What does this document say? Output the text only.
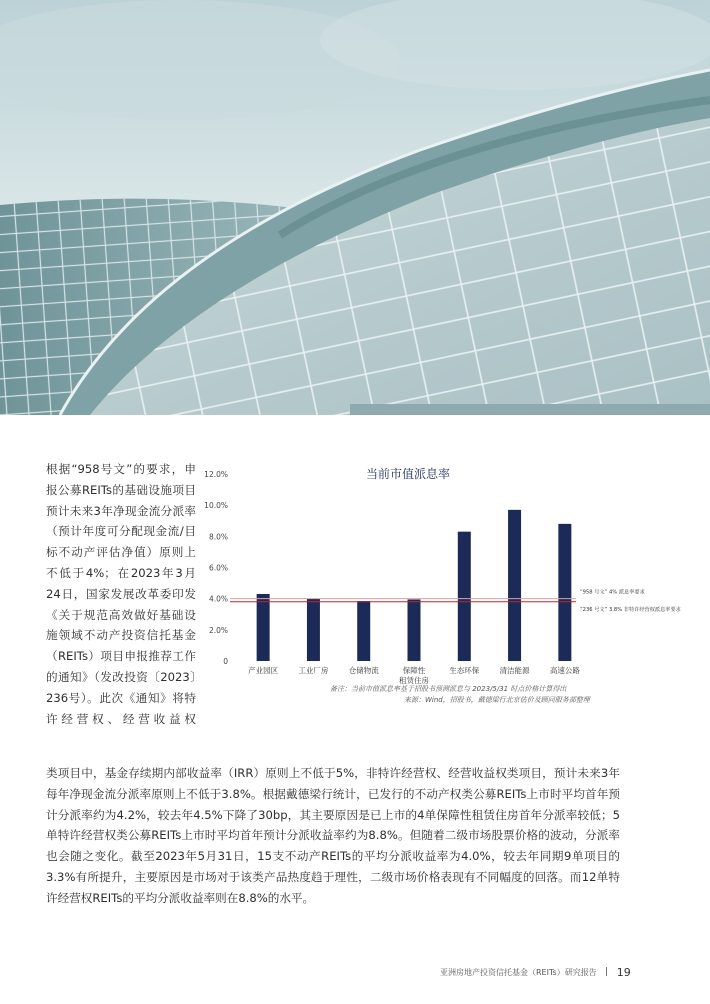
根据“958号文”的要求，申报公募REITs的基础设施项目预计未来3年净现金流分派率（预计年度可分配现金流/目标不动产评估净值）原则上不低于4%；在2023年3月24日，国家发展改革委印发《关于规范高效做好基础设施领域不动产投资信托基金（REITs）项目申报推荐工作的通知》（发改投资〔2023〕236号）。此次《通知》将特许经营权、经营收益权

当前市值派息率
0
2.0%
4.0%
6.0%
8.0%
10.0%
12.0%
产业园区	工业厂房	仓储物流	保障性
租赁住房
生态环保	清洁能源	高速公路
“958 号文” 4% 派息率要求
“236 号文” 3.8% 非特许经营权派息率要求
备注：当前市值派息率基于招股书预测派息与 2023/5/31 时点价格计算得出
来源：Wind，招股书，戴德梁行北京估价及顾问服务部整理

类项目中，基金存续期内部收益率（IRR）原则上不低于5%，非特许经营权、经营收益权类项目，预计未来3年每年净现金流分派率原则上不低于3.8%。根据戴德梁行统计，已发行的不动产权类公募REITs上市时平均首年预计分派率约为4.2%，较去年4.5%下降了30bp，其主要原因是已上市的4单保障性租赁住房首年分派率较低；5单特许经营权类公募REITs上市时平均首年预计分派收益率约为8.8%。但随着二级市场股票价格的波动，分派率也会随之变化。截至2023年5月31日，15支不动产REITs的平均分派收益率为4.0%，较去年同期9单项目的3.3%有所提升，主要原因是市场对于该类产品热度趋于理性，二级市场价格表现有不同幅度的回落。而12单特许经营权REITs的平均分派收益率则在8.8%的水平。

亚洲房地产投资信托基金（REITs）研究报告 19
